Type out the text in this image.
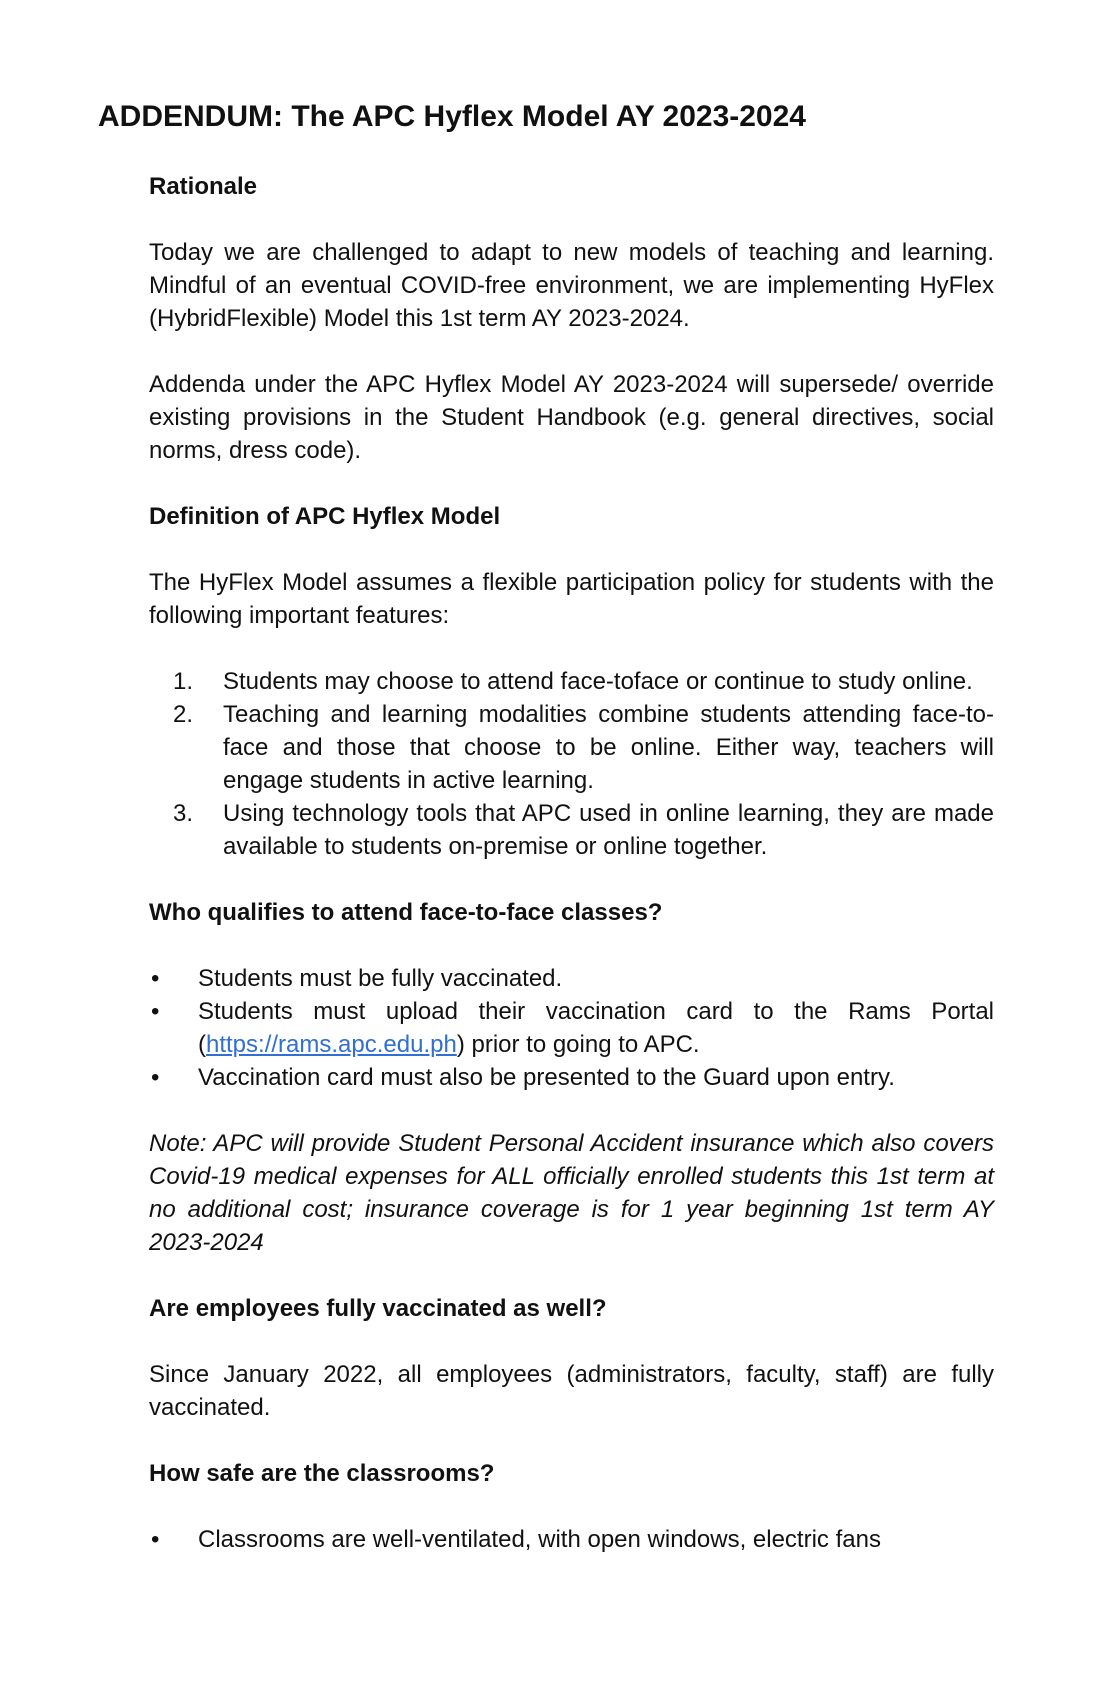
ADDENDUM: The APC Hyflex Model AY 2023-2024
Rationale

Today we are challenged to adapt to new models of teaching and learning. Mindful of an eventual COVID-free environment, we are implementing HyFlex (HybridFlexible) Model this 1st term AY 2023-2024.

Addenda under the APC Hyflex Model AY 2023-2024 will supersede/ override existing provisions in the Student Handbook (e.g. general directives, social norms, dress code).

Definition of APC Hyflex Model

The HyFlex Model assumes a flexible participation policy for students with the following important features:

1. Students may choose to attend face-toface or continue to study online.
2. Teaching and learning modalities combine students attending face-to-face and those that choose to be online. Either way, teachers will engage students in active learning.
3. Using technology tools that APC used in online learning, they are made available to students on-premise or online together.
Who qualifies to attend face-to-face classes?
• Students must be fully vaccinated.
• Students must upload their vaccination card to the Rams Portal (https://rams.apc.edu.ph) prior to going to APC.
• Vaccination card must also be presented to the Guard upon entry.

Note: APC will provide Student Personal Accident insurance which also covers Covid-19 medical expenses for ALL officially enrolled students this 1st term at no additional cost; insurance coverage is for 1 year beginning 1st term AY 2023-2024

Are employees fully vaccinated as well?

Since January 2022, all employees (administrators, faculty, staff) are fully vaccinated.

How safe are the classrooms?
• Classrooms are well-ventilated, with open windows, electric fans
